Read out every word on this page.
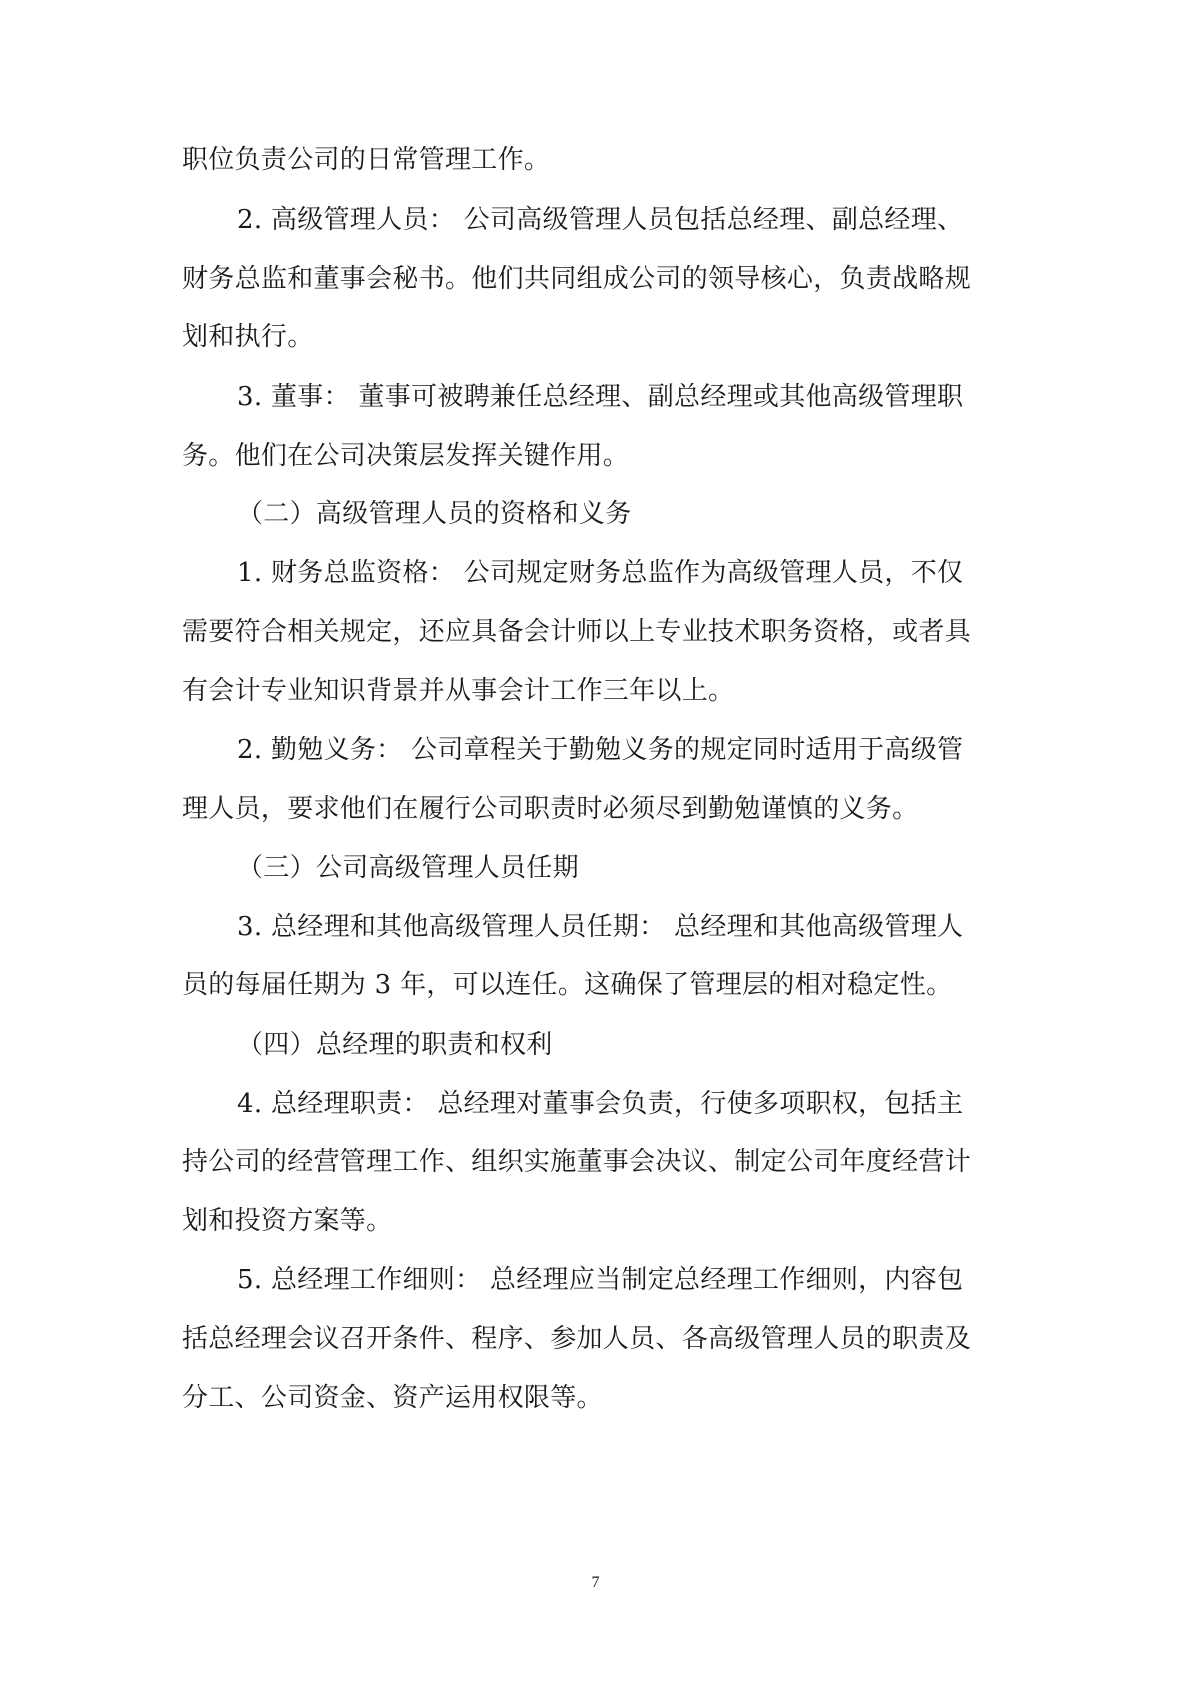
职位负责公司的日常管理工作。
2. 高级管理人员： 公司高级管理人员包括总经理、副总经理、
财务总监和董事会秘书。他们共同组成公司的领导核心，负责战略规
划和执行。
3. 董事： 董事可被聘兼任总经理、副总经理或其他高级管理职
务。他们在公司决策层发挥关键作用。
（二）高级管理人员的资格和义务
1. 财务总监资格： 公司规定财务总监作为高级管理人员，不仅
需要符合相关规定，还应具备会计师以上专业技术职务资格，或者具
有会计专业知识背景并从事会计工作三年以上。
2. 勤勉义务： 公司章程关于勤勉义务的规定同时适用于高级管
理人员，要求他们在履行公司职责时必须尽到勤勉谨慎的义务。
（三）公司高级管理人员任期
3. 总经理和其他高级管理人员任期： 总经理和其他高级管理人
员的每届任期为 3 年，可以连任。这确保了管理层的相对稳定性。
（四）总经理的职责和权利
4. 总经理职责： 总经理对董事会负责，行使多项职权，包括主
持公司的经营管理工作、组织实施董事会决议、制定公司年度经营计
划和投资方案等。
5. 总经理工作细则： 总经理应当制定总经理工作细则，内容包
括总经理会议召开条件、程序、参加人员、各高级管理人员的职责及
分工、公司资金、资产运用权限等。
7
